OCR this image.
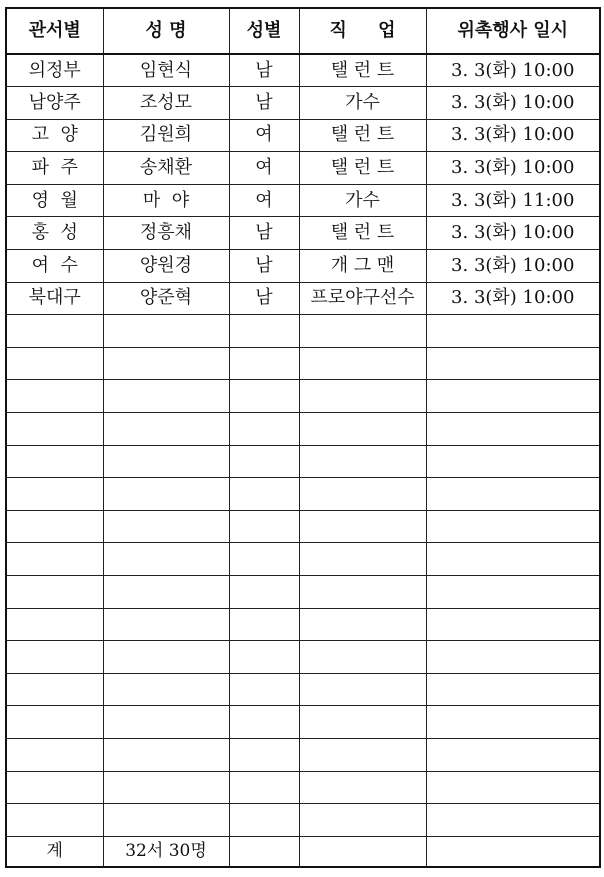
관서별	성 명	성별	직     업	위촉행사 일시
의정부	임현식	남	탤 런 트	3. 3(화) 10:00
남양주	조성모	남	가수	3. 3(화) 10:00
고  양	김원희	여	탤 런 트	3. 3(화) 10:00
파  주	송채환	여	탤 런 트	3. 3(화) 10:00
영  월	마  야	여	가수	3. 3(화) 11:00
홍  성	정흥채	남	탤 런 트	3. 3(화) 10:00
여  수	양원경	남	개 그 맨	3. 3(화) 10:00
북대구	양준혁	남	프로야구선수	3. 3(화) 10:00

계	32서 30명			
